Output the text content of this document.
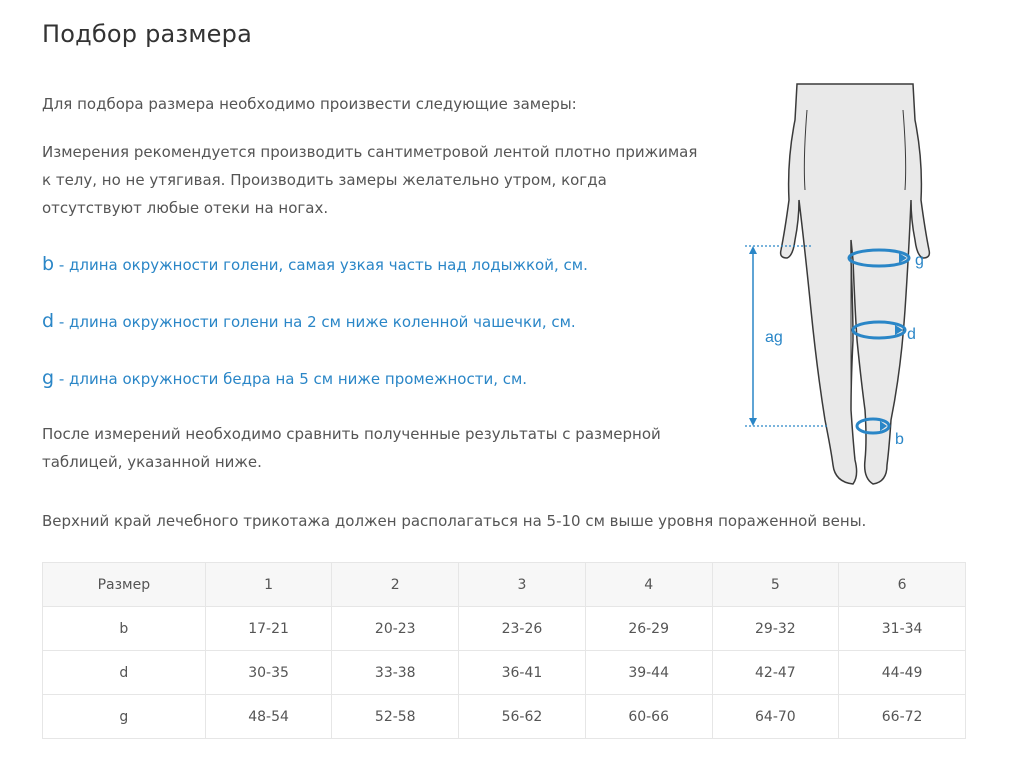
Подбор размера
Для подбора размера необходимо произвести следующие замеры:
Измерения рекомендуется производить сантиметровой лентой плотно прижимая к телу, но не утягивая. Производить замеры желательно утром, когда отсутствуют любые отеки на ногах.
b - длина окружности голени, самая узкая часть над лодыжкой, см.
d - длина окружности голени на 2 см ниже коленной чашечки, см.
g - длина окружности бедра на 5 см ниже промежности, см.
После измерений необходимо сравнить полученные результаты с размерной таблицей, указанной ниже.
Верхний край лечебного трикотажа должен располагаться на 5-10 см выше уровня пораженной вены.
ag
g
d
b
Размер	1	2	3	4	5	6
b	17-21	20-23	23-26	26-29	29-32	31-34
d	30-35	33-38	36-41	39-44	42-47	44-49
g	48-54	52-58	56-62	60-66	64-70	66-72
